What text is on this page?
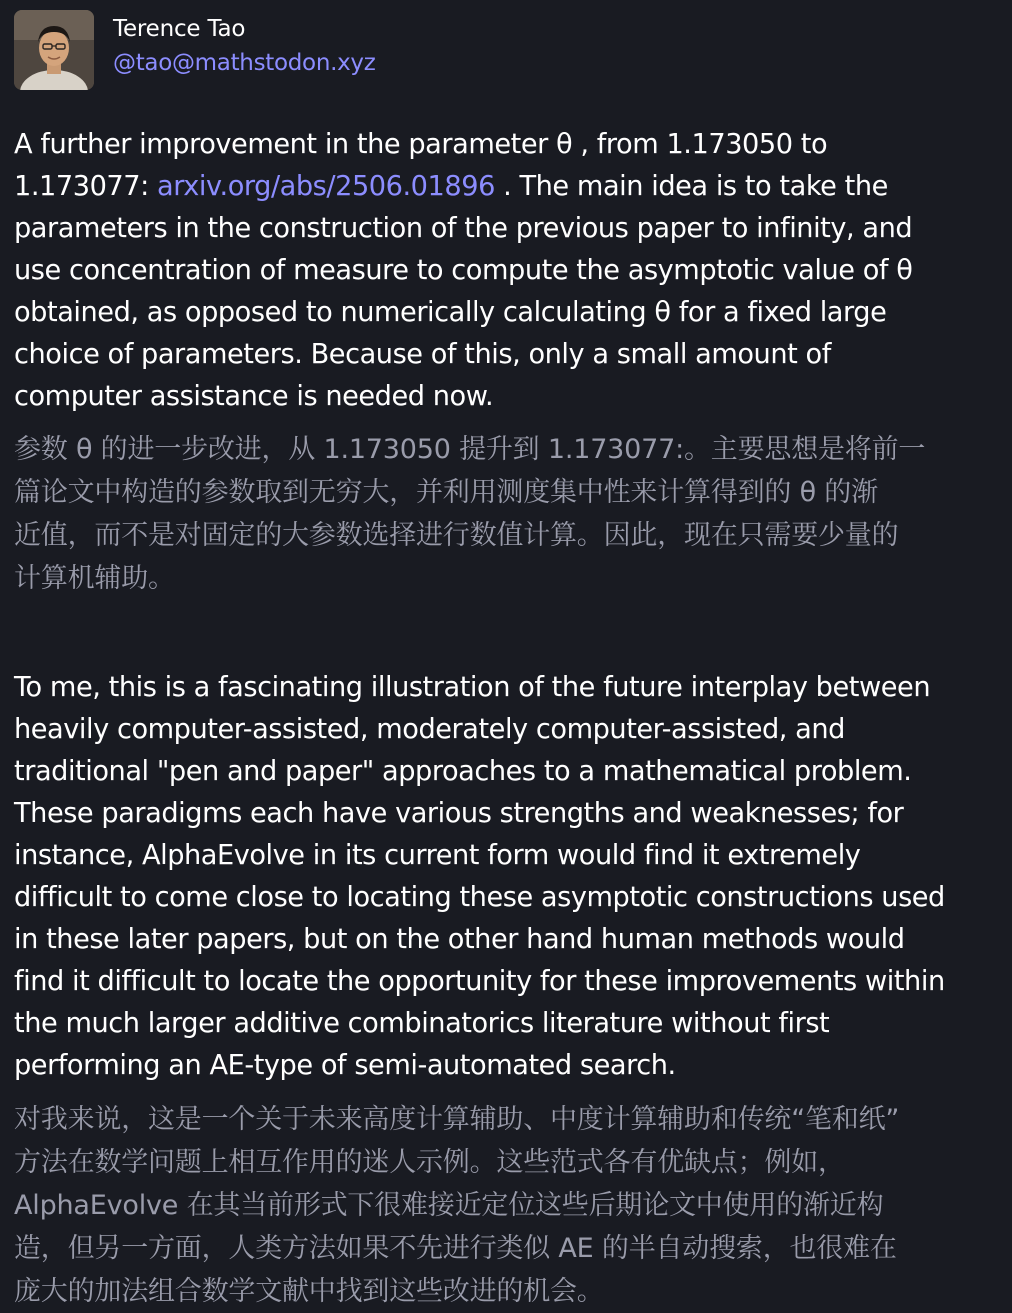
Terence Tao
@tao@mathstodon.xyz

A further improvement in the parameter θ , from 1.173050 to
1.173077: arxiv.org/abs/2506.01896 . The main idea is to take the
parameters in the construction of the previous paper to infinity, and
use concentration of measure to compute the asymptotic value of θ
obtained, as opposed to numerically calculating θ for a fixed large
choice of parameters. Because of this, only a small amount of
computer assistance is needed now.

参数 θ 的进一步改进，从 1.173050 提升到 1.173077:。主要思想是将前一
篇论文中构造的参数取到无穷大，并利用测度集中性来计算得到的 θ 的渐
近值，而不是对固定的大参数选择进行数值计算。因此，现在只需要少量的
计算机辅助。

To me, this is a fascinating illustration of the future interplay between
heavily computer-assisted, moderately computer-assisted, and
traditional "pen and paper" approaches to a mathematical problem.
These paradigms each have various strengths and weaknesses; for
instance, AlphaEvolve in its current form would find it extremely
difficult to come close to locating these asymptotic constructions used
in these later papers, but on the other hand human methods would
find it difficult to locate the opportunity for these improvements within
the much larger additive combinatorics literature without first
performing an AE-type of semi-automated search.

对我来说，这是一个关于未来高度计算辅助、中度计算辅助和传统“笔和纸”
方法在数学问题上相互作用的迷人示例。这些范式各有优缺点；例如，
AlphaEvolve 在其当前形式下很难接近定位这些后期论文中使用的渐近构
造，但另一方面，人类方法如果不先进行类似 AE 的半自动搜索，也很难在
庞大的加法组合数学文献中找到这些改进的机会。
